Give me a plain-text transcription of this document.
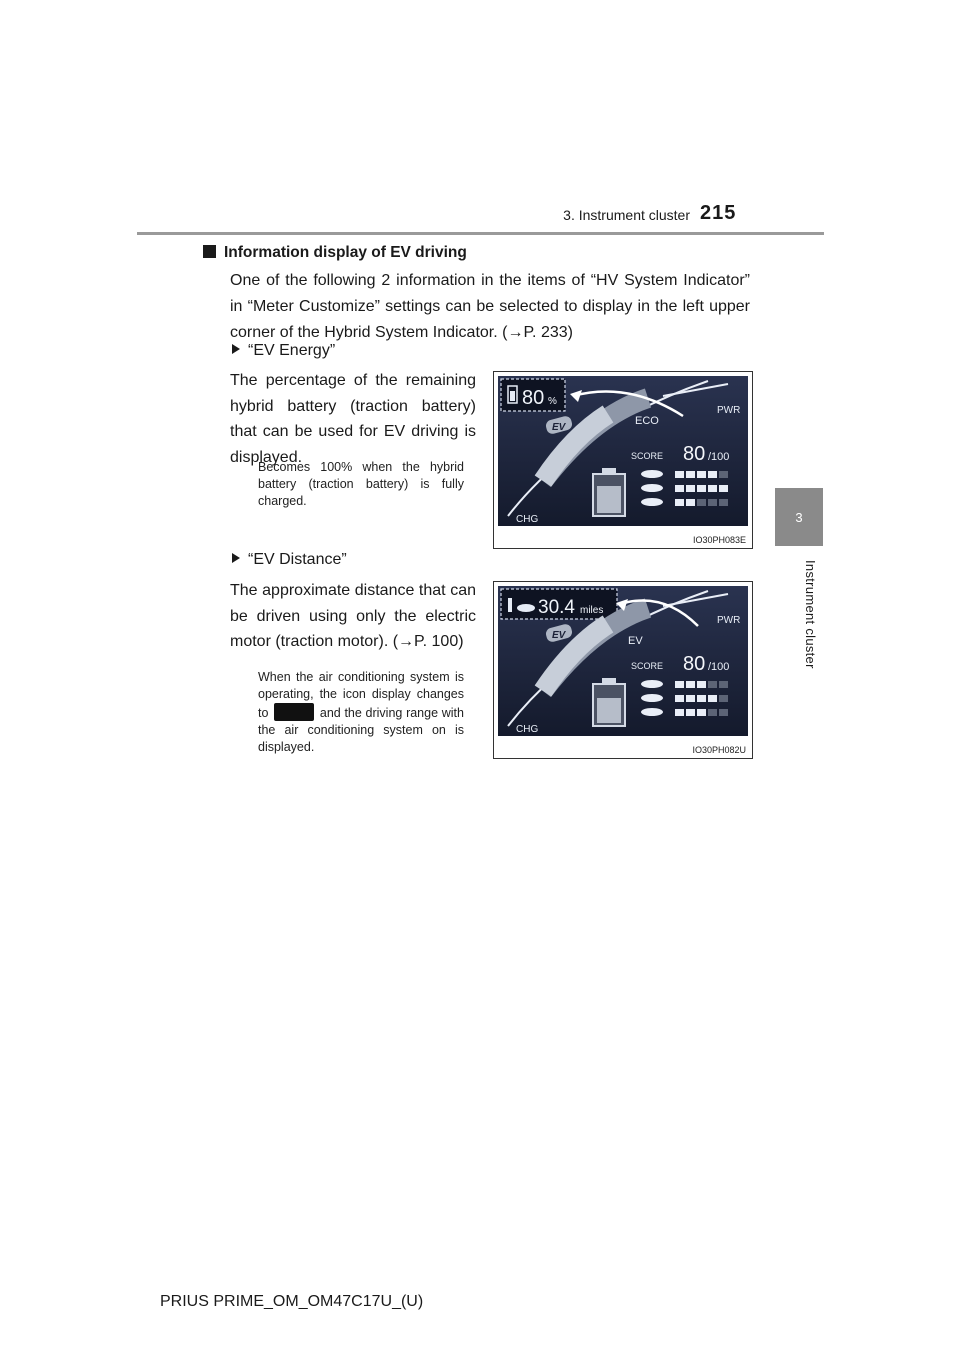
3. Instrument cluster 215
3
Instrument cluster
Information display of EV driving
One of the following 2 information in the items of “HV System Indicator” in “Meter Customize” settings can be selected to display in the left upper corner of the Hybrid System Indicator. (→P. 233)
“EV Energy”
The percentage of the remaining hybrid battery (traction battery) that can be used for EV driving is displayed.
Becomes 100% when the hybrid battery (traction battery) is fully charged.
80 %
EV
ECO
PWR
CHG
SCORE 80 /100
IO30PH083E
“EV Distance”
The approximate distance that can be driven using only the electric motor (traction motor). (→P. 100)
When the air conditioning system is operating, the icon display changes to	and the driving range with the air conditioning system on is displayed.
30.4 miles
EV	EV
PWR
CHG
SCORE 80 /100
IO30PH082U
PRIUS PRIME_OM_OM47C17U_(U)
